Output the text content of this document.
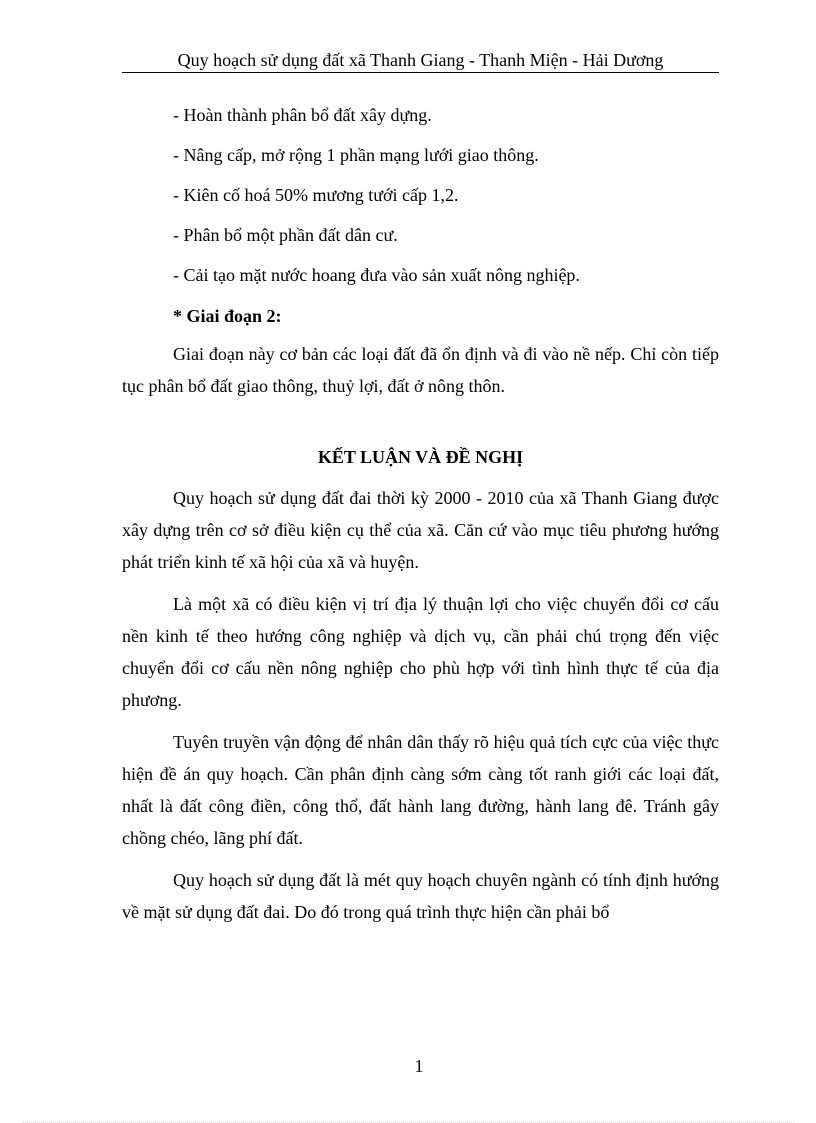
Quy hoạch sử dụng đất xã Thanh Giang - Thanh Miện - Hải Dương

- Hoàn thành phân bổ đất xây dựng.

- Nâng cấp, mở rộng 1 phần mạng lưới giao thông.

- Kiên cố hoá 50% mương tưới cấp 1,2.

- Phân bổ một phần đất dân cư.

- Cải tạo mặt nước hoang đưa vào sản xuất nông nghiệp.

* Giai đoạn 2:

Giai đoạn này cơ bản các loại đất đã ổn định và đi vào nề nếp. Chỉ còn tiếp tục phân bổ đất giao thông, thuỷ lợi, đất ở nông thôn.

KẾT LUẬN VÀ ĐỀ NGHỊ

Quy hoạch sử dụng đất đai thời kỳ 2000 - 2010 của xã Thanh Giang được xây dựng trên cơ sở điều kiện cụ thể của xã. Căn cứ vào mục tiêu phương hướng phát triển kinh tế xã hội của xã và huyện.

Là một xã có điều kiện vị trí địa lý thuận lợi cho việc chuyển đổi cơ cấu nền kinh tế theo hướng công nghiệp và dịch vụ, cần phải chú trọng đến việc chuyển đổi cơ cấu nền nông nghiệp cho phù hợp với tình hình thực tế của địa phương.

Tuyên truyền vận động để nhân dân thấy rõ hiệu quả tích cực của việc thực hiện đề án quy hoạch. Cần phân định càng sớm càng tốt ranh giới các loại đất, nhất là đất công điền, công thổ, đất hành lang đường, hành lang đê. Tránh gây chồng chéo, lãng phí đất.

Quy hoạch sử dụng đất là mét quy hoạch chuyên ngành có tính định hướng về mặt sử dụng đất đai. Do đó trong quá trình thực hiện cần phải bổ

1
